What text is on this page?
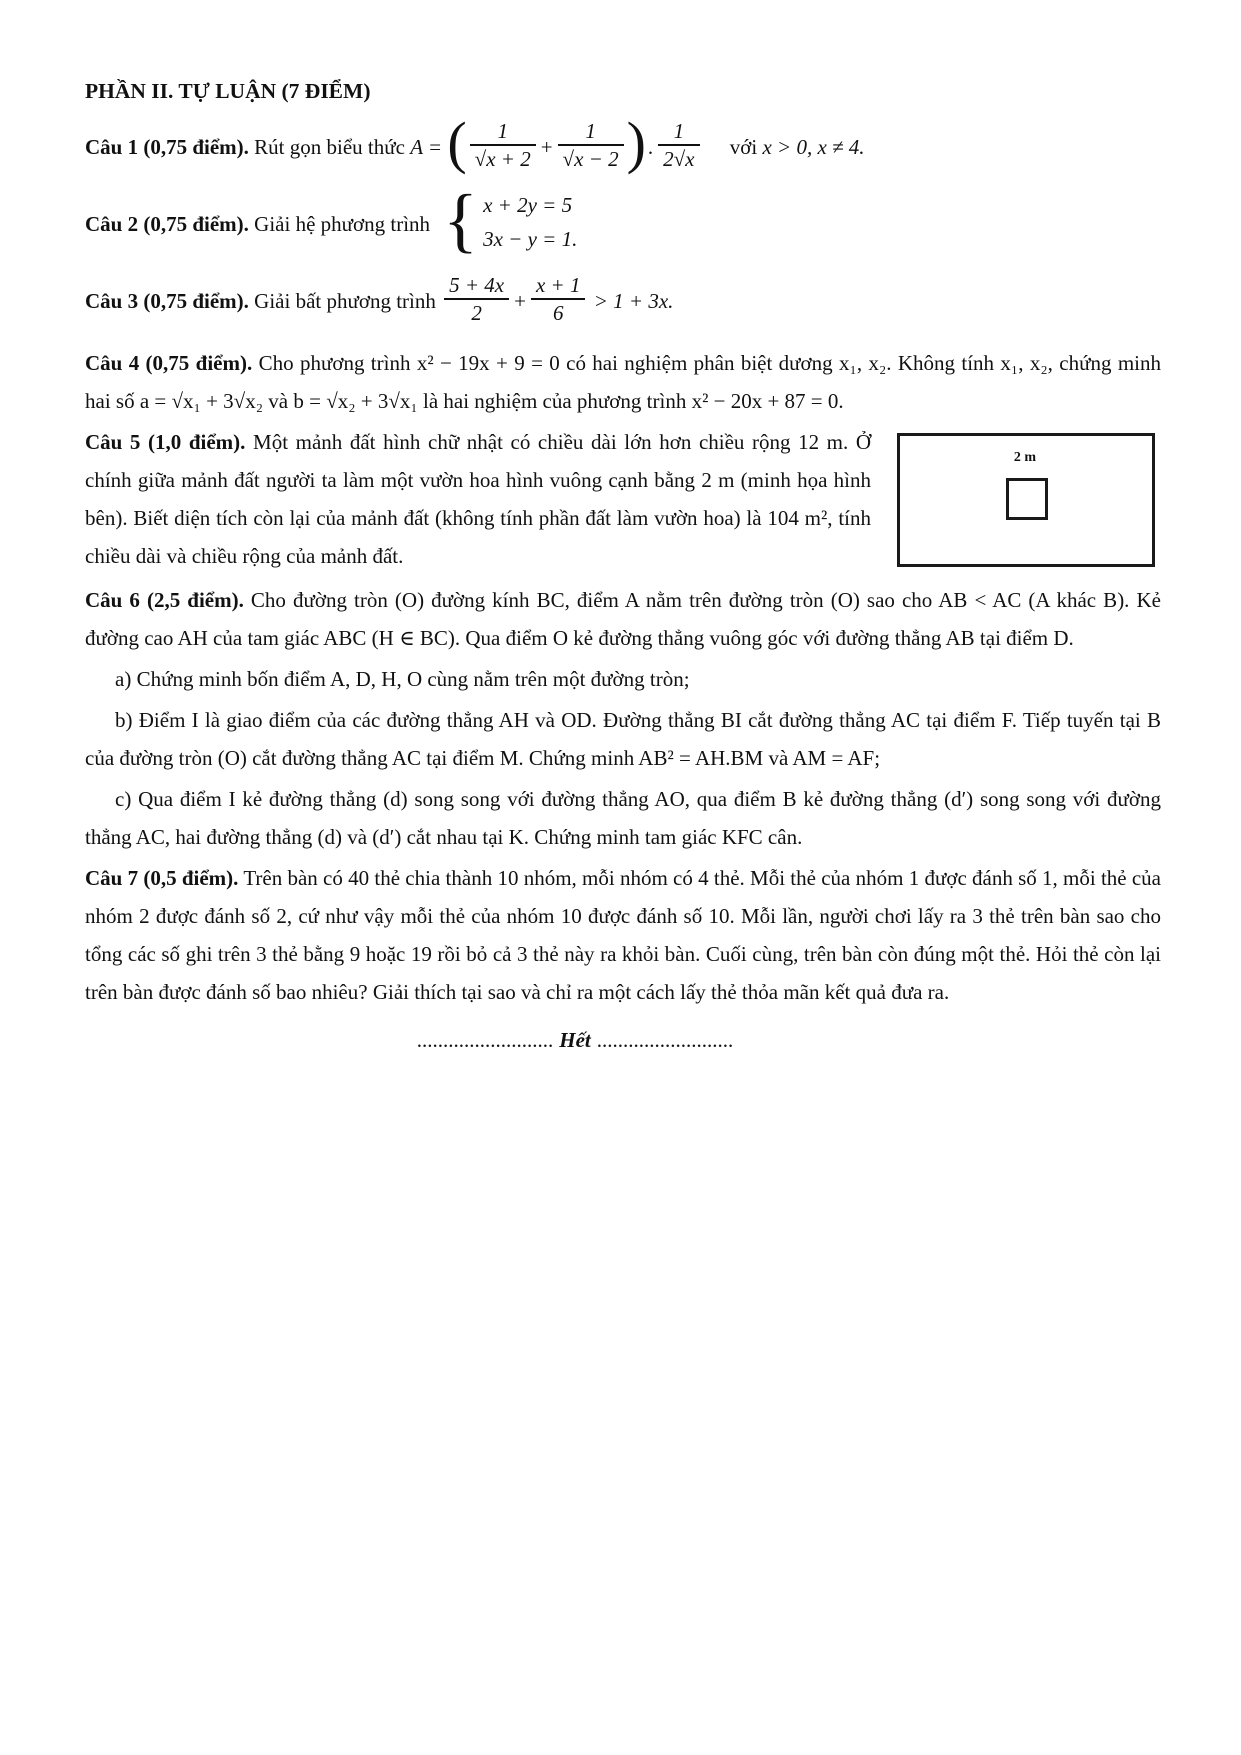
PHẦN II. TỰ LUẬN (7 ĐIỂM)
Câu 1 (0,75 điểm). Rút gọn biểu thức A = ( $\frac{1}{√x + 2} + \frac{1}{√x - 2}$ ). $\frac{1}{2√x}$ với x > 0, x ≠ 4.
Câu 2 (0,75 điểm). Giải hệ phương trình { x + 2y = 5
3x − y = 1.
Câu 3 (0,75 điểm). Giải bất phương trình $\frac{5 + 4x}{2} + \frac{x + 1}{6} > 1 + 3x$.

Câu 4 (0,75 điểm). Cho phương trình x² − 19x + 9 = 0 có hai nghiệm phân biệt dương x₁, x₂. Không tính x₁, x₂, chứng minh hai số a = √x₁ + 3√x₂ và b = √x₂ + 3√x₁ là hai nghiệm của phương trình x² − 20x + 87 = 0.

2 m

Câu 5 (1,0 điểm). Một mảnh đất hình chữ nhật có chiều dài lớn hơn chiều rộng 12 m. Ở chính giữa mảnh đất người ta làm một vườn hoa hình vuông cạnh bằng 2 m (minh họa hình bên). Biết diện tích còn lại của mảnh đất (không tính phần đất làm vườn hoa) là 104 m², tính chiều dài và chiều rộng của mảnh đất.

Câu 6 (2,5 điểm). Cho đường tròn (O) đường kính BC, điểm A nằm trên đường tròn (O) sao cho AB < AC (A khác B). Kẻ đường cao AH của tam giác ABC (H ∈ BC). Qua điểm O kẻ đường thẳng vuông góc với đường thẳng AB tại điểm D.

a) Chứng minh bốn điểm A, D, H, O cùng nằm trên một đường tròn;

b) Điểm I là giao điểm của các đường thẳng AH và OD. Đường thẳng BI cắt đường thẳng AC tại điểm F. Tiếp tuyến tại B của đường tròn (O) cắt đường thẳng AC tại điểm M. Chứng minh AB² = AH.BM và AM = AF;

c) Qua điểm I kẻ đường thẳng (d) song song với đường thẳng AO, qua điểm B kẻ đường thẳng (d′) song song với đường thẳng AC, hai đường thẳng (d) và (d′) cắt nhau tại K. Chứng minh tam giác KFC cân.

Câu 7 (0,5 điểm). Trên bàn có 40 thẻ chia thành 10 nhóm, mỗi nhóm có 4 thẻ. Mỗi thẻ của nhóm 1 được đánh số 1, mỗi thẻ của nhóm 2 được đánh số 2, cứ như vậy mỗi thẻ của nhóm 10 được đánh số 10. Mỗi lần, người chơi lấy ra 3 thẻ trên bàn sao cho tổng các số ghi trên 3 thẻ bằng 9 hoặc 19 rồi bỏ cả 3 thẻ này ra khỏi bàn. Cuối cùng, trên bàn còn đúng một thẻ. Hỏi thẻ còn lại trên bàn được đánh số bao nhiêu? Giải thích tại sao và chỉ ra một cách lấy thẻ thỏa mãn kết quả đưa ra.

.......................... Hết ..........................
